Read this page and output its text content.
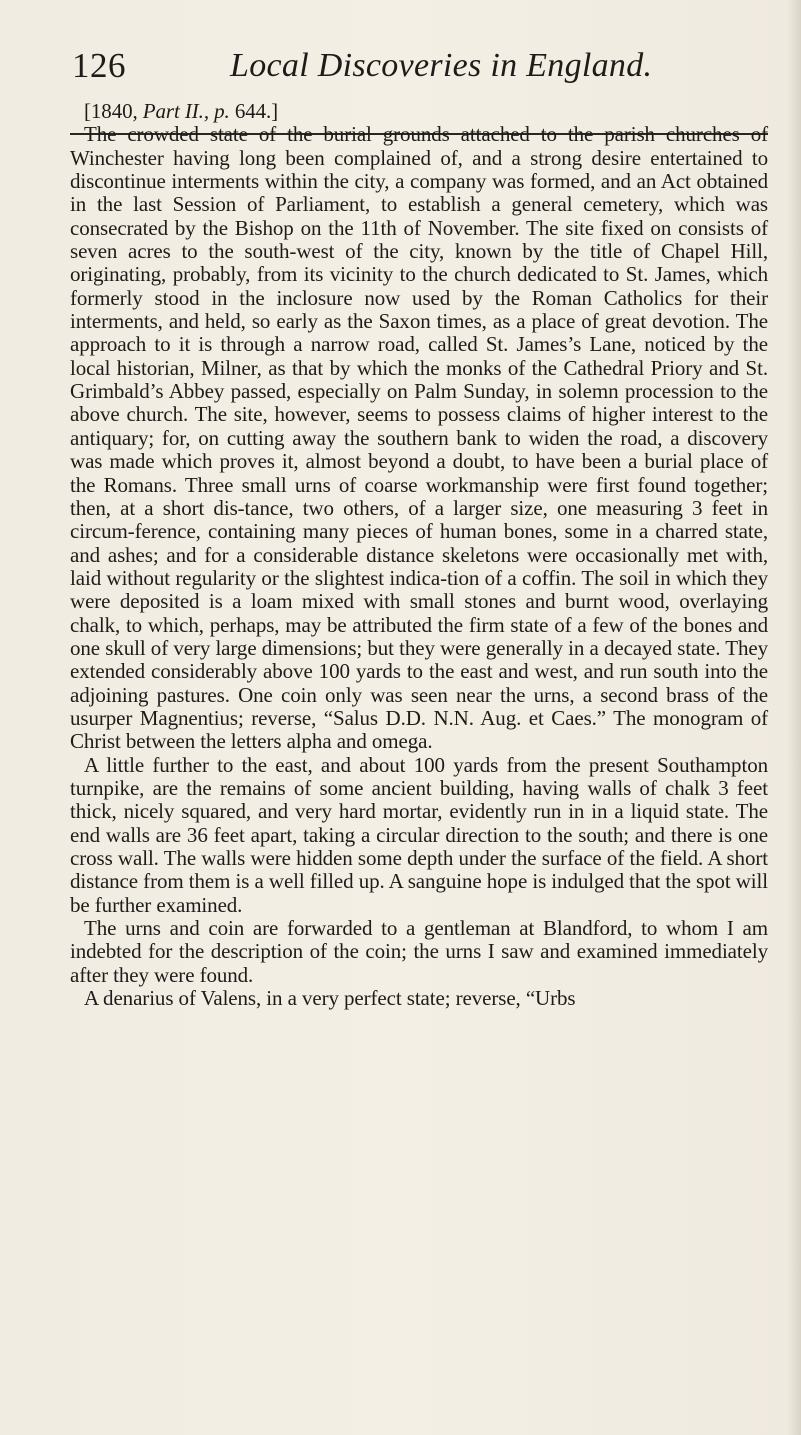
126	Local Discoveries in England.

[1840, Part II., p. 644.]

The crowded state of the burial grounds attached to the parish churches of Winchester having long been complained of, and a strong desire entertained to discontinue interments within the city, a company was formed, and an Act obtained in the last Session of Parliament, to establish a general cemetery, which was consecrated by the Bishop on the 11th of November. The site fixed on consists of seven acres to the south-west of the city, known by the title of Chapel Hill, originating, probably, from its vicinity to the church dedicated to St. James, which formerly stood in the inclosure now used by the Roman Catholics for their interments, and held, so early as the Saxon times, as a place of great devotion. The approach to it is through a narrow road, called St. James’s Lane, noticed by the local historian, Milner, as that by which the monks of the Cathedral Priory and St. Grimbald’s Abbey passed, especially on Palm Sunday, in solemn procession to the above church. The site, however, seems to possess claims of higher interest to the antiquary; for, on cutting away the southern bank to widen the road, a discovery was made which proves it, almost beyond a doubt, to have been a burial place of the Romans. Three small urns of coarse workmanship were first found together; then, at a short dis-tance, two others, of a larger size, one measuring 3 feet in circum-ference, containing many pieces of human bones, some in a charred state, and ashes; and for a considerable distance skeletons were occasionally met with, laid without regularity or the slightest indica-tion of a coffin. The soil in which they were deposited is a loam mixed with small stones and burnt wood, overlaying chalk, to which, perhaps, may be attributed the firm state of a few of the bones and one skull of very large dimensions; but they were generally in a decayed state. They extended considerably above 100 yards to the east and west, and run south into the adjoining pastures. One coin only was seen near the urns, a second brass of the usurper Magnentius; reverse, “Salus D.D. N.N. Aug. et Caes.” The monogram of Christ between the letters alpha and omega.

A little further to the east, and about 100 yards from the present Southampton turnpike, are the remains of some ancient building, having walls of chalk 3 feet thick, nicely squared, and very hard mortar, evidently run in in a liquid state. The end walls are 36 feet apart, taking a circular direction to the south; and there is one cross wall. The walls were hidden some depth under the surface of the field. A short distance from them is a well filled up. A sanguine hope is indulged that the spot will be further examined.

The urns and coin are forwarded to a gentleman at Blandford, to whom I am indebted for the description of the coin; the urns I saw and examined immediately after they were found.

A denarius of Valens, in a very perfect state; reverse, “Urbs
